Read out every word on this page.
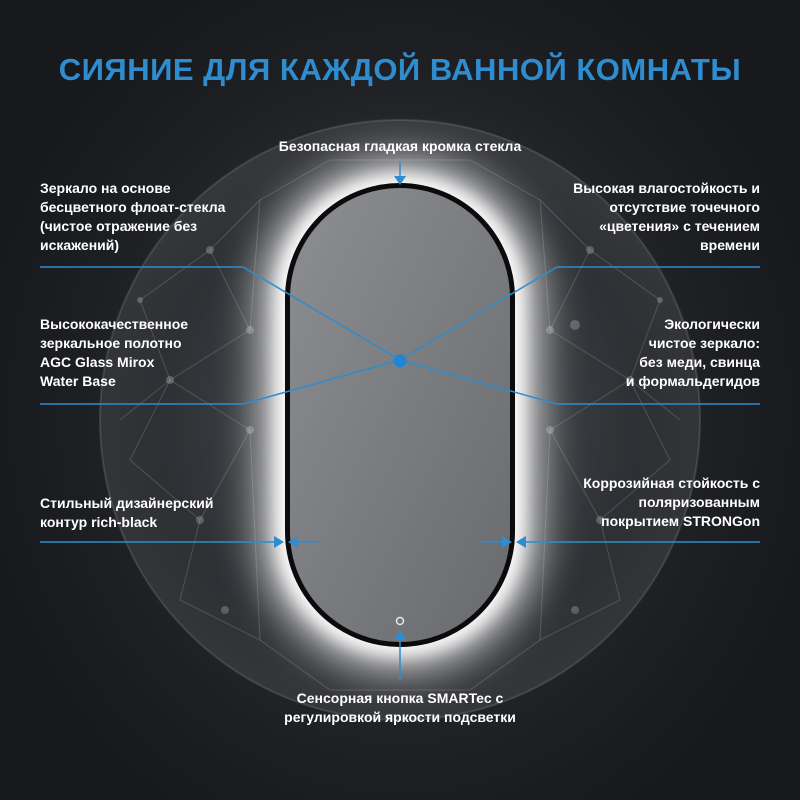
СИЯНИЕ ДЛЯ КАЖДОЙ ВАННОЙ КОМНАТЫ
Безопасная гладкая кромка стекла
Зеркало на основе
бесцветного флоат-стекла
(чистое отражение без
искажений)
Высококачественное
зеркальное полотно
AGC Glass Mirox
Water Base
Стильный дизайнерский
контур rich-black
Высокая влагостойкость и
отсутствие точечного
«цветения» с течением
времени
Экологически
чистое зеркало:
без меди, свинца
и формальдегидов
Коррозийная стойкость с
поляризованным
покрытием STRONGon
Сенсорная кнопка SMARTec с
регулировкой яркости подсветки
